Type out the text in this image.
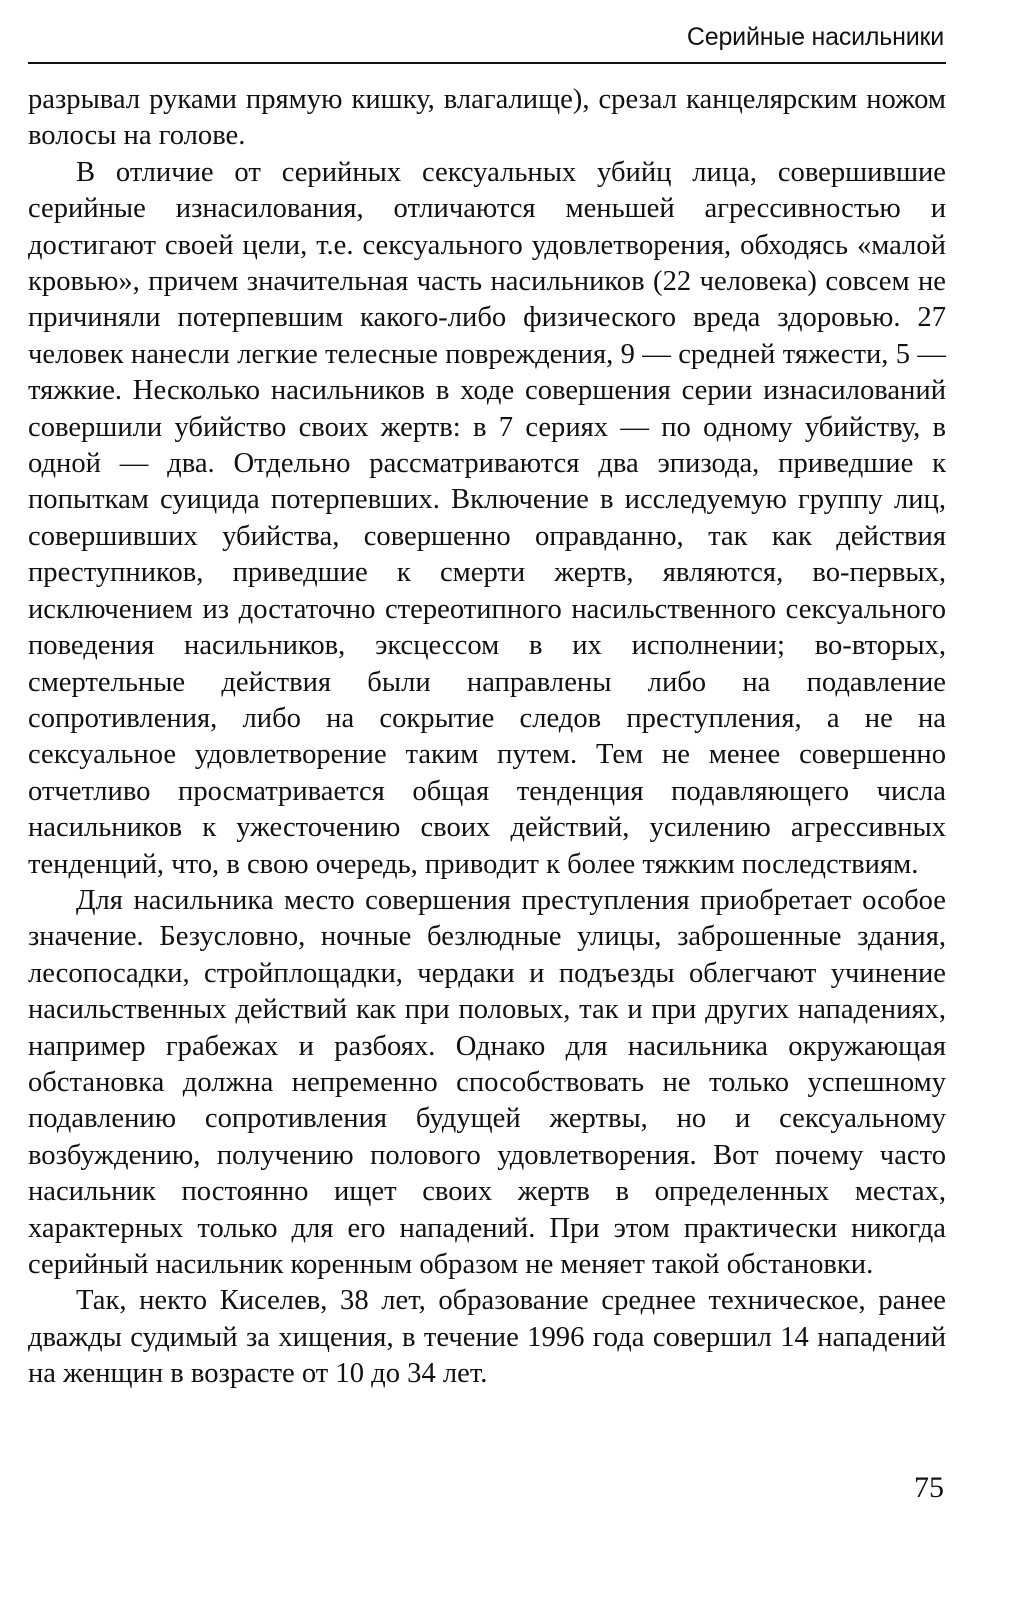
Серийные насильники

разрывал руками прямую кишку, влагалище), срезал канцелярским ножом волосы на голове.

В отличие от серийных сексуальных убийц лица, совершившие серийные изнасилования, отличаются меньшей агрессивностью и достигают своей цели, т.е. сексуального удовлетворения, обходясь «малой кровью», причем значительная часть насильников (22 человека) совсем не причиняли потерпевшим какого-либо физического вреда здоровью. 27 человек нанесли легкие телесные повреждения, 9 — средней тяжести, 5 — тяжкие. Несколько насильников в ходе совершения серии изнасилований совершили убийство своих жертв: в 7 сериях — по одному убийству, в одной — два. Отдельно рассматриваются два эпизода, приведшие к попыткам суицида потерпевших. Включение в исследуемую группу лиц, совершивших убийства, совершенно оправданно, так как действия преступников, приведшие к смерти жертв, являются, во-первых, исключением из достаточно стереотипного насильственного сексуального поведения насильников, эксцессом в их исполнении; во-вторых, смертельные действия были направлены либо на подавление сопротивления, либо на сокрытие следов преступления, а не на сексуальное удовлетворение таким путем. Тем не менее совершенно отчетливо просматривается общая тенденция подавляющего числа насильников к ужесточению своих действий, усилению агрессивных тенденций, что, в свою очередь, приводит к более тяжким последствиям.

Для насильника место совершения преступления приобретает особое значение. Безусловно, ночные безлюдные улицы, заброшенные здания, лесопосадки, стройплощадки, чердаки и подъезды облегчают учинение насильственных действий как при половых, так и при других нападениях, например грабежах и разбоях. Однако для насильника окружающая обстановка должна непременно способствовать не только успешному подавлению сопротивления будущей жертвы, но и сексуальному возбуждению, получению полового удовлетворения. Вот почему часто насильник постоянно ищет своих жертв в определенных местах, характерных только для его нападений. При этом практически никогда серийный насильник коренным образом не меняет такой обстановки.

Так, некто Киселев, 38 лет, образование среднее техническое, ранее дважды судимый за хищения, в течение 1996 года совершил 14 нападений на женщин в возрасте от 10 до 34 лет.

75
